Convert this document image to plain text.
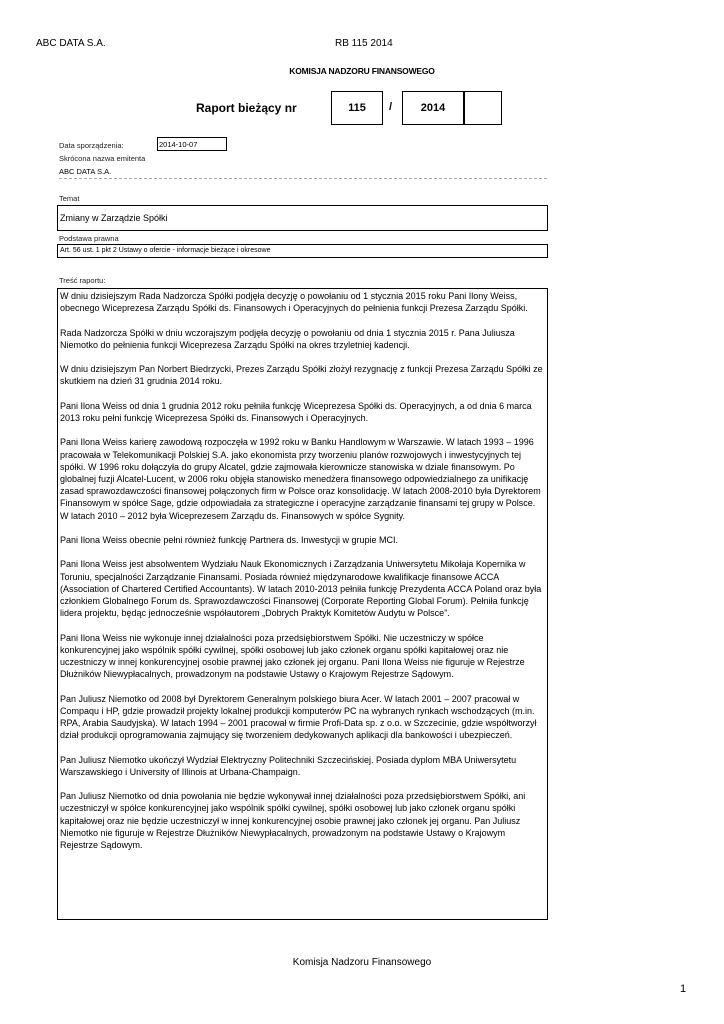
ABC DATA S.A.	RB 115 2014
KOMISJA NADZORU FINANSOWEGO
Raport bieżący nr	115	/	2014
Data sporządzenia:	2014-10-07
Skrócona nazwa emitenta
ABC DATA S.A.
Temat
Zmiany w Zarządzie Spółki
Podstawa prawna
Art. 56 ust. 1 pkt 2 Ustawy o ofercie - informacje bieżące i okresowe
Treść raportu:

W dniu dzisiejszym Rada Nadzorcza Spółki podjęła decyzję o powołaniu od 1 stycznia 2015 roku Pani Ilony Weiss, obecnego Wiceprezesa Zarządu Spółki ds. Finansowych i Operacyjnych do pełnienia funkcji Prezesa Zarządu Spółki.

Rada Nadzorcza Spółki w dniu wczorajszym podjęła decyzję o powołaniu od dnia 1 stycznia 2015 r. Pana Juliusza Niemotko do pełnienia funkcji Wiceprezesa Zarządu Spółki na okres trzyletniej kadencji.

W dniu dzisiejszym Pan Norbert Biedrzycki, Prezes Zarządu Spółki złożył rezygnację z funkcji Prezesa Zarządu Spółki ze skutkiem na dzień 31 grudnia 2014 roku.

Pani Ilona Weiss od dnia 1 grudnia 2012 roku pełniła funkcję Wiceprezesa Spółki ds. Operacyjnych, a od dnia 6 marca 2013 roku pełni funkcję Wiceprezesa Spółki ds. Finansowych i Operacyjnych.

Pani Ilona Weiss karierę zawodową rozpoczęła w 1992 roku w Banku Handlowym w Warszawie. W latach 1993 – 1996 pracowała w Telekomunikacji Polskiej S.A. jako ekonomista przy tworzeniu planów rozwojowych i inwestycyjnych tej spółki. W 1996 roku dołączyła do grupy Alcatel, gdzie zajmowała kierownicze stanowiska w dziale finansowym. Po globalnej fuzji Alcatel-Lucent, w 2006 roku objęła stanowisko menedżera finansowego odpowiedzialnego za unifikację zasad sprawozdawczości finansowej połączonych firm w Polsce oraz konsolidację. W latach 2008-2010 była Dyrektorem Finansowym w spółce Sage, gdzie odpowiadała za strategiczne i operacyjne zarządzanie finansami tej grupy w Polsce. W latach 2010 – 2012 była Wiceprezesem Zarządu ds. Finansowych w spółce Sygnity.

Pani Ilona Weiss obecnie pełni również funkcję Partnera ds. Inwestycji w grupie MCI.

Pani Ilona Weiss jest absolwentem Wydziału Nauk Ekonomicznych i Zarządzania Uniwersytetu Mikołaja Kopernika w Toruniu, specjalności Zarządzanie Finansami. Posiada również międzynarodowe kwalifikacje finansowe ACCA (Association of Chartered Certified Accountants). W latach 2010-2013 pełniła funkcję Prezydenta ACCA Poland oraz była członkiem Globalnego Forum ds. Sprawozdawczości Finansowej (Corporate Reporting Global Forum). Pełniła funkcję lidera projektu, będąc jednocześnie współautorem „Dobrych Praktyk Komitetów Audytu w Polsce”.

Pani Ilona Weiss nie wykonuje innej działalności poza przedsiębiorstwem Spółki. Nie uczestniczy w spółce konkurencyjnej jako wspólnik spółki cywilnej, spółki osobowej lub jako członek organu spółki kapitałowej oraz nie uczestniczy w innej konkurencyjnej osobie prawnej jako członek jej organu. Pani Ilona Weiss nie figuruje w Rejestrze Dłużników Niewypłacalnych, prowadzonym na podstawie Ustawy o Krajowym Rejestrze Sądowym.

Pan Juliusz Niemotko od 2008 był Dyrektorem Generalnym polskiego biura Acer. W latach 2001 – 2007 pracował w Compaqu i HP, gdzie prowadził projekty lokalnej produkcji komputerów PC na wybranych rynkach wschodzących (m.in. RPA, Arabia Saudyjska). W latach 1994 – 2001 pracował w firmie Profi-Data sp. z o.o. w Szczecinie, gdzie współtworzył dział produkcji oprogramowania zajmujący się tworzeniem dedykowanych aplikacji dla bankowości i ubezpieczeń.

Pan Juliusz Niemotko ukończył Wydział Elektryczny Politechniki Szczecińskiej. Posiada dyplom MBA Uniwersytetu Warszawskiego i University of Illinois at Urbana-Champaign.

Pan Juliusz Niemotko od dnia powołania nie będzie wykonywał innej działalności poza przedsiębiorstwem Spółki, ani uczestniczył w spółce konkurencyjnej jako wspólnik spółki cywilnej, spółki osobowej lub jako członek organu spółki kapitałowej oraz nie będzie uczestniczył w innej konkurencyjnej osobie prawnej jako członek jej organu. Pan Juliusz Niemotko nie figuruje w Rejestrze Dłużników Niewypłacalnych, prowadzonym na podstawie Ustawy o Krajowym Rejestrze Sądowym.

Komisja Nadzoru Finansowego
1
